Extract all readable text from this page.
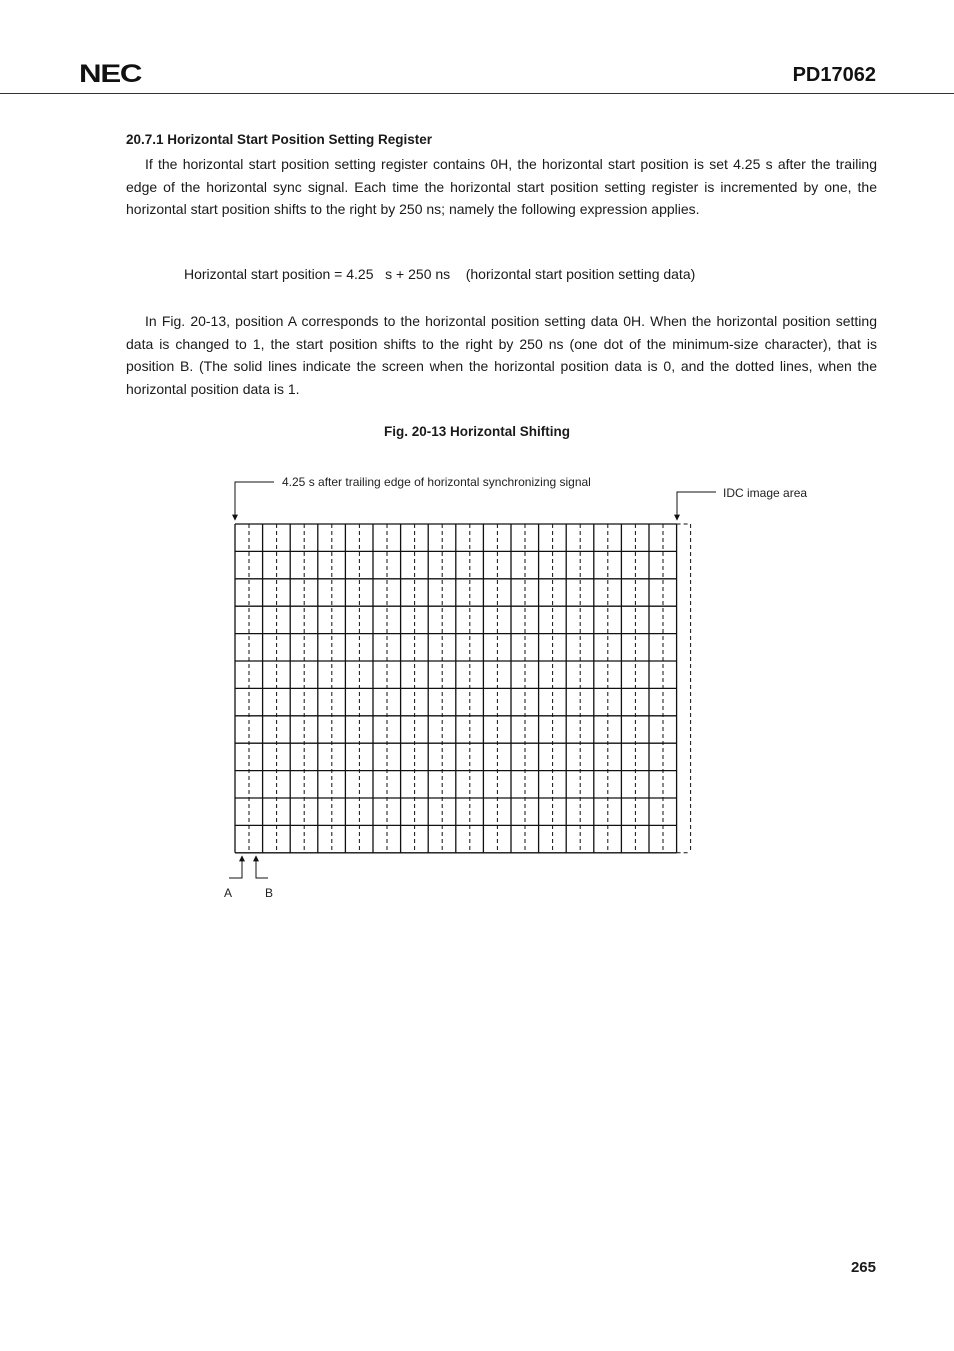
NEC	PD17062
20.7.1 Horizontal Start Position Setting Register

If the horizontal start position setting register contains 0H, the horizontal start position is set 4.25 s after the trailing edge of the horizontal sync signal. Each time the horizontal start position setting register is incremented by one, the horizontal start position shifts to the right by 250 ns; namely the following expression applies.

Horizontal start position = 4.25   s + 250 ns    (horizontal start position setting data)

In Fig. 20-13, position A corresponds to the horizontal position setting data 0H. When the horizontal position setting data is changed to 1, the start position shifts to the right by 250 ns (one dot of the minimum-size character), that is position B. (The solid lines indicate the screen when the horizontal position data is 0, and the dotted lines, when the horizontal position data is 1.

Fig. 20-13 Horizontal Shifting
4.25 s after trailing edge of horizontal synchronizing signal
IDC image area
A	B
265
